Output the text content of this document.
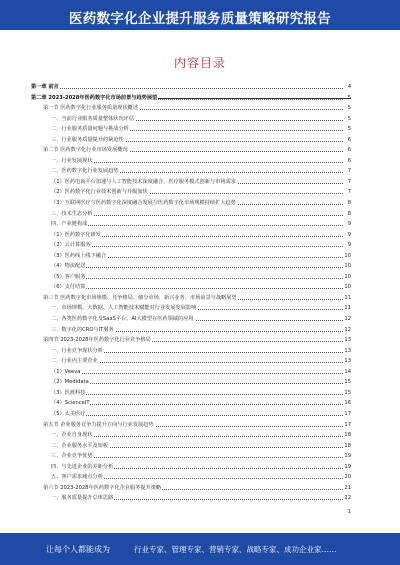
医药数字化企业提升服务质量策略研究报告
内容目录
第一章 前言	4
第二章 2023-2028年医药数字化市场前景与趋势展望	5
第一节 医药数字化行业服务质量现状概述	5
一、当前行业服务质量整体状况评估	5
二、行业服务质量问题与挑战分析	5
三、行业服务质量提升的紧迫性	6
第二节 医药数字化行业市场发展概况	6
一、行业发展现状	6
二、医药数字化行业发展趋势	7
（1）医药电商平台加速与人工智能技术深度融合、医疗服务模式创新与市场需求	7
（2）医药数字化行业技术创新与升级加快	7
（3）互联网医疗与医药数字化深度融合发展与医药数字化市场规模持续扩大趋势	8
三、技术生态分析	8
四、产业链构成	9
（1）医药数字化研发	9
（2）云计算服务	9
（3）医药线上线下融合	10
（4）物流配送	10
（5）客户服务	10
（6）支付结算	10
第三节 医药数字化市场规模、竞争格局、细分市场、新兴业务、市场前景与战略展望	11
一、市场规模、大数据、人工智能技术赋能对行业发展发展影响	11
二、各类医药数字化及SaaS平台、AI大模型在医药领域的应用	12
三、数字化的CRO与IT服务	12
第四节 2023-2028年医药数字化行业竞争格局	13
一、行业竞争现状分析	13
二、行业内主要企业	13
（1）Veeva	14
（2）Medidata	15
（3）医渡科技	15
（4）ScienceIT	16
（5）太美医疗	17
第五节 企业服务竞争力提升方向与行业发展趋势	17
一、企业自身现状	18
二、企业服务水平及短板	18
三、企业竞争优势	19
四、与先进企业的差距分析	19
五、客户需求痛点分析	20
第六节 2023-2028年医药数字化企业服务提升策略	21
一、服务质量提升总体思路	22
1
让每个人都能成为	行业专家、管理专家、营销专家、战略专家、成功企业家……
